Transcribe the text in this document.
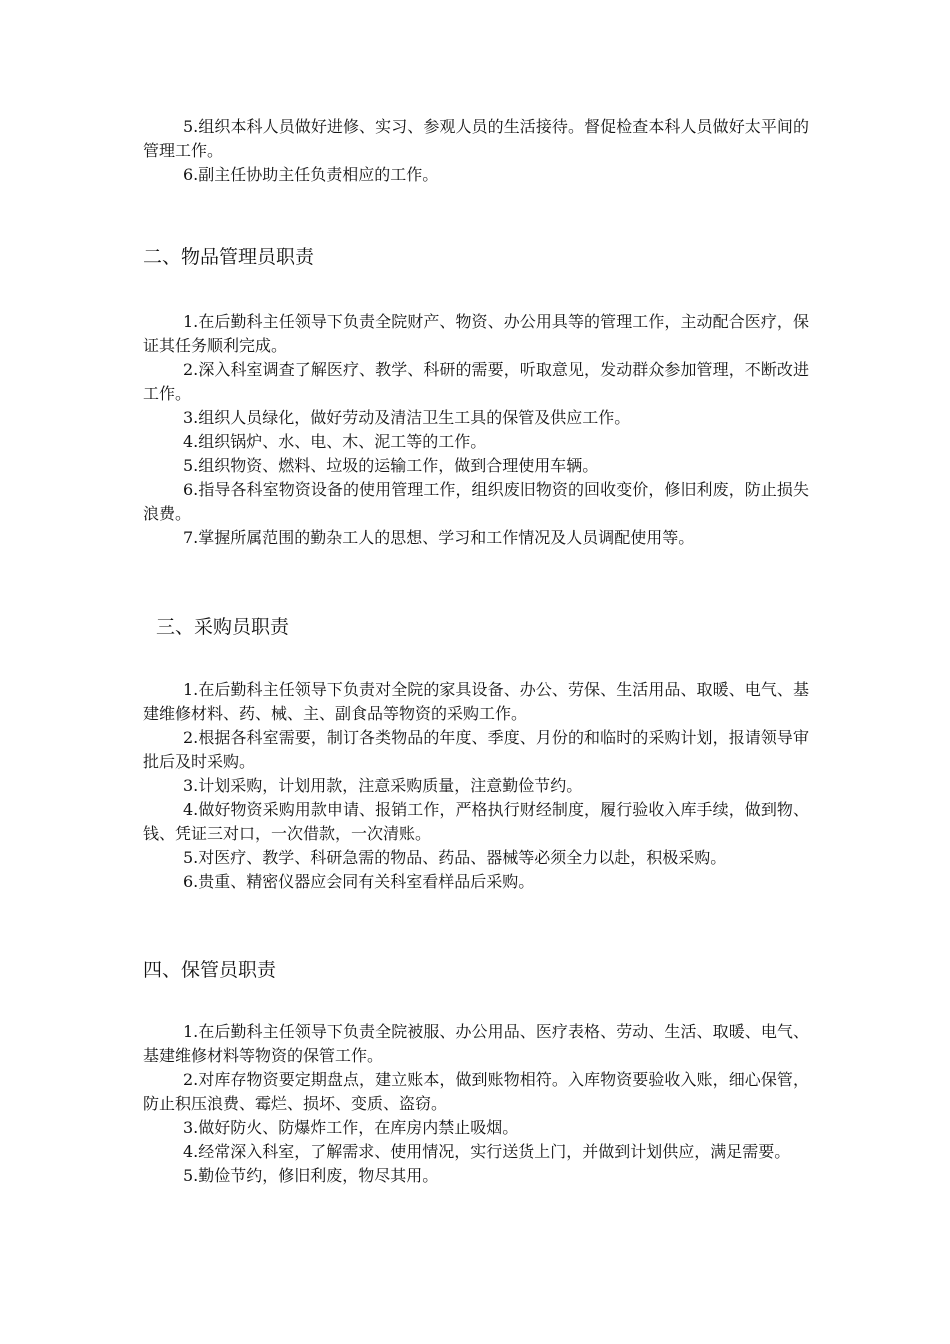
5.组织本科人员做好进修、实习、参观人员的生活接待。督促检查本科人员做好太平间的管理工作。

6.副主任协助主任负责相应的工作。

二、物品管理员职责

1.在后勤科主任领导下负责全院财产、物资、办公用具等的管理工作，主动配合医疗，保证其任务顺利完成。

2.深入科室调查了解医疗、教学、科研的需要，听取意见，发动群众参加管理，不断改进工作。

3.组织人员绿化，做好劳动及清洁卫生工具的保管及供应工作。

4.组织锅炉、水、电、木、泥工等的工作。

5.组织物资、燃料、垃圾的运输工作，做到合理使用车辆。

6.指导各科室物资设备的使用管理工作，组织废旧物资的回收变价，修旧利废，防止损失浪费。

7.掌握所属范围的勤杂工人的思想、学习和工作情况及人员调配使用等。

三、采购员职责

1.在后勤科主任领导下负责对全院的家具设备、办公、劳保、生活用品、取暖、电气、基建维修材料、药、械、主、副食品等物资的采购工作。

2.根据各科室需要，制订各类物品的年度、季度、月份的和临时的采购计划，报请领导审批后及时采购。

3.计划采购，计划用款，注意采购质量，注意勤俭节约。

4.做好物资采购用款申请、报销工作，严格执行财经制度，履行验收入库手续，做到物、钱、凭证三对口，一次借款，一次清账。

5.对医疗、教学、科研急需的物品、药品、器械等必须全力以赴，积极采购。

6.贵重、精密仪器应会同有关科室看样品后采购。

四、保管员职责

1.在后勤科主任领导下负责全院被服、办公用品、医疗表格、劳动、生活、取暖、电气、基建维修材料等物资的保管工作。

2.对库存物资要定期盘点，建立账本，做到账物相符。入库物资要验收入账，细心保管，防止积压浪费、霉烂、损坏、变质、盗窃。

3.做好防火、防爆炸工作，在库房内禁止吸烟。

4.经常深入科室，了解需求、使用情况，实行送货上门，并做到计划供应，满足需要。

5.勤俭节约，修旧利废，物尽其用。
